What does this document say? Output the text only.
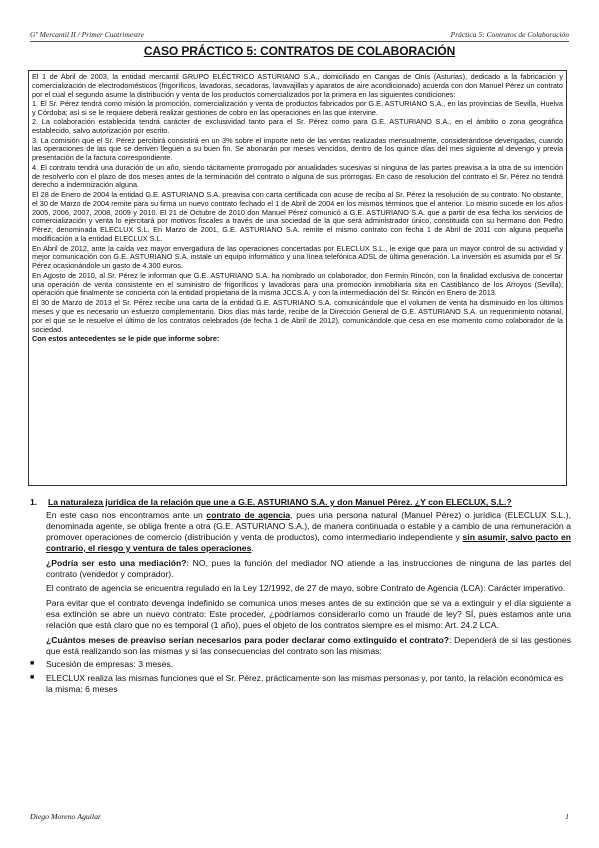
Gº Mercantil II / Primer Cuatrimestre	Práctica 5: Contratos de Colaboración
CASO PRÁCTICO 5: CONTRATOS DE COLABORACIÓN

El 1 de Abril de 2003, la entidad mercantil GRUPO ELÉCTRICO ASTURIANO S.A., domiciliado en Cangas de Onís (Asturias), dedicado a la fabricación y comercialización de electrodomésticos (frigoríficos, lavadoras, secadoras, lavavajillas y aparatos de aire acondicionado) acuerda con don Manuel Pérez un contrato por el cual el segundo asume la distribución y venta de los productos comercializados por la primera en las siguientes condiciones:

1. El Sr. Pérez tendrá como misión la promoción, comercialización y venta de productos fabricados por G.E. ASTURIANO S.A., en las provincias de Sevilla, Huelva y Córdoba; así si se le requiere deberá realizar gestiones de cobro en las operaciones en las que intervine.

2. La colaboración establecida tendrá carácter de exclusividad tanto para el Sr. Pérez como para G.E. ASTURIANO S.A., en el ámbito o zona geográfica establecido, salvo autorización por escrito.

3. La comisión que el Sr. Pérez percibirá consistirá en un 3% sobre el importe neto de las ventas realizadas mensualmente, considerándose devengadas, cuando las operaciones de las que se deriven lleguen a su buen fin. Se abonarán por meses vencidos, dentro de los quince días del mes siguiente al devengo y previa presentación de la factura correspondiente.

4. El contrato tendrá una duración de un año, siendo tácitamente prorrogado por anualidades sucesivas si ninguna de las partes preavisa a la otra de su intención de resolverlo con el plazo de dos meses antes de la terminación del contrato o alguna de sus prórrogas. En caso de resolución del contrato el Sr. Pérez no tendrá derecho a indemnización alguna.

El 28 de Enero de 2004 la entidad G.E. ASTURIANO S.A. preavisa con carta certificada con acuse de recibo al Sr. Pérez la resolución de su contrato. No obstante, el 30 de Marzo de 2004 remite para su firma un nuevo contrato fechado el 1 de Abril de 2004 en los mismos términos que el anterior. Lo mismo sucede en los años 2005, 2006, 2007, 2008, 2009 y 2010. El 21 de Octubre de 2010 don Manuel Pérez comunicó a G.E. ASTURIANO S.A. que a partir de esa fecha los servicios de comercialización y venta lo ejercitará por motivos fiscales a través de una sociedad de la que será administrador único, constituida con su hermano don Pedro Pérez, denominada ELECLUX S.L. En Marzo de 2001, G.E. ASTURIANO S.A. remite el mismo contrato con fecha 1 de Abril de 2011 con alguna pequeña modificación a la entidad ELECLUX S.L.

En Abril de 2012, ante la caída vez mayor envergadura de las operaciones concertadas por ELECLUX S.L., le exige que para un mayor control de su actividad y mejor comunicación con G.E. ASTURIANO S.A. instale un equipo informático y una línea telefónica ADSL de última generación. La inversión es asumida por el Sr. Pérez ocasionándole un gasto de 4.300 euros.

En Agosto de 2010, al Sr. Pérez le informan que G.E. ASTURIANO S.A. ha nombrado un colaborador, don Fermín Rincón, con la finalidad exclusiva de concertar una operación de venta consistente en el suministro de frigoríficos y lavadoras para una promoción inmobiliaria sita en Castiblanco de los Arroyos (Sevilla); operación que finalmente se concierta con la entidad propietaria de la misma JCCS.A. y con la intermediación del Sr. Rincón en Enero de 2013.

El 30 de Marzo de 2013 el Sr. Pérez recibe una carta de la entidad G.E. ASTURIANO S.A. comunicándole que el volumen de venta ha disminuido en los últimos meses y que es necesario un esfuerzo complementario. Dios días más tarde, recibe de la Dirección General de G.E. ASTURIANO S.A. un requerimiento notarial, por el que se le resuelve el último de los contratos celebrados (de fecha 1 de Abril de 2012), comunicándole que cesa en ese momento como colaborador de la sociedad.

Con estos antecedentes se le pide que informe sobre:

1.	La naturaleza jurídica de la relación que une a G.E. ASTURIANO S.A. y don Manuel Pérez. ¿Y con ELECLUX, S.L.?

En este caso nos encontramos ante un contrato de agencia, pues una persona natural (Manuel Pérez) o jurídica (ELECLUX S.L.), denominada agente, se obliga frente a otra (G.E. ASTURIANO S.A.), de manera continuada o estable y a cambio de una remuneración a promover operaciones de comercio (distribución y venta de productos), como intermediario independiente y sin asumir, salvo pacto en contrario, el riesgo y ventura de tales operaciones.

¿Podría ser esto una mediación?: NO, pues la función del mediador NO atiende a las instrucciones de ninguna de las partes del contrato (vendedor y comprador).

El contrato de agencia se encuentra regulado en la Ley 12/1992, de 27 de mayo, sobre Contrato de Agencia (LCA): Carácter imperativo.

Para evitar que el contrato devenga indefinido se comunica unos meses antes de su extinción que se va a extinguir y el día siguiente a esa extinción se abre un nuevo contrato: Este proceder, ¿podríamos considerarlo como un fraude de ley? SÍ, pues estamos ante una relación que está claro que no es temporal (1 año), pues el objeto de los contratos siempre es el mismo: Art. 24.2 LCA.

¿Cuántos meses de preaviso serían necesarios para poder declarar como extinguido el contrato?: Dependerá de si las gestiones que está realizando son las mismas y si las consecuencias del contrato son las mismas:

■	Sucesión de empresas: 3 meses.
■	ELECLUX realiza las mismas funciones que el Sr. Pérez, prácticamente son las mismas personas y, por tanto, la relación económica es la misma: 6 meses
Diego Moreno Aguilar	1
